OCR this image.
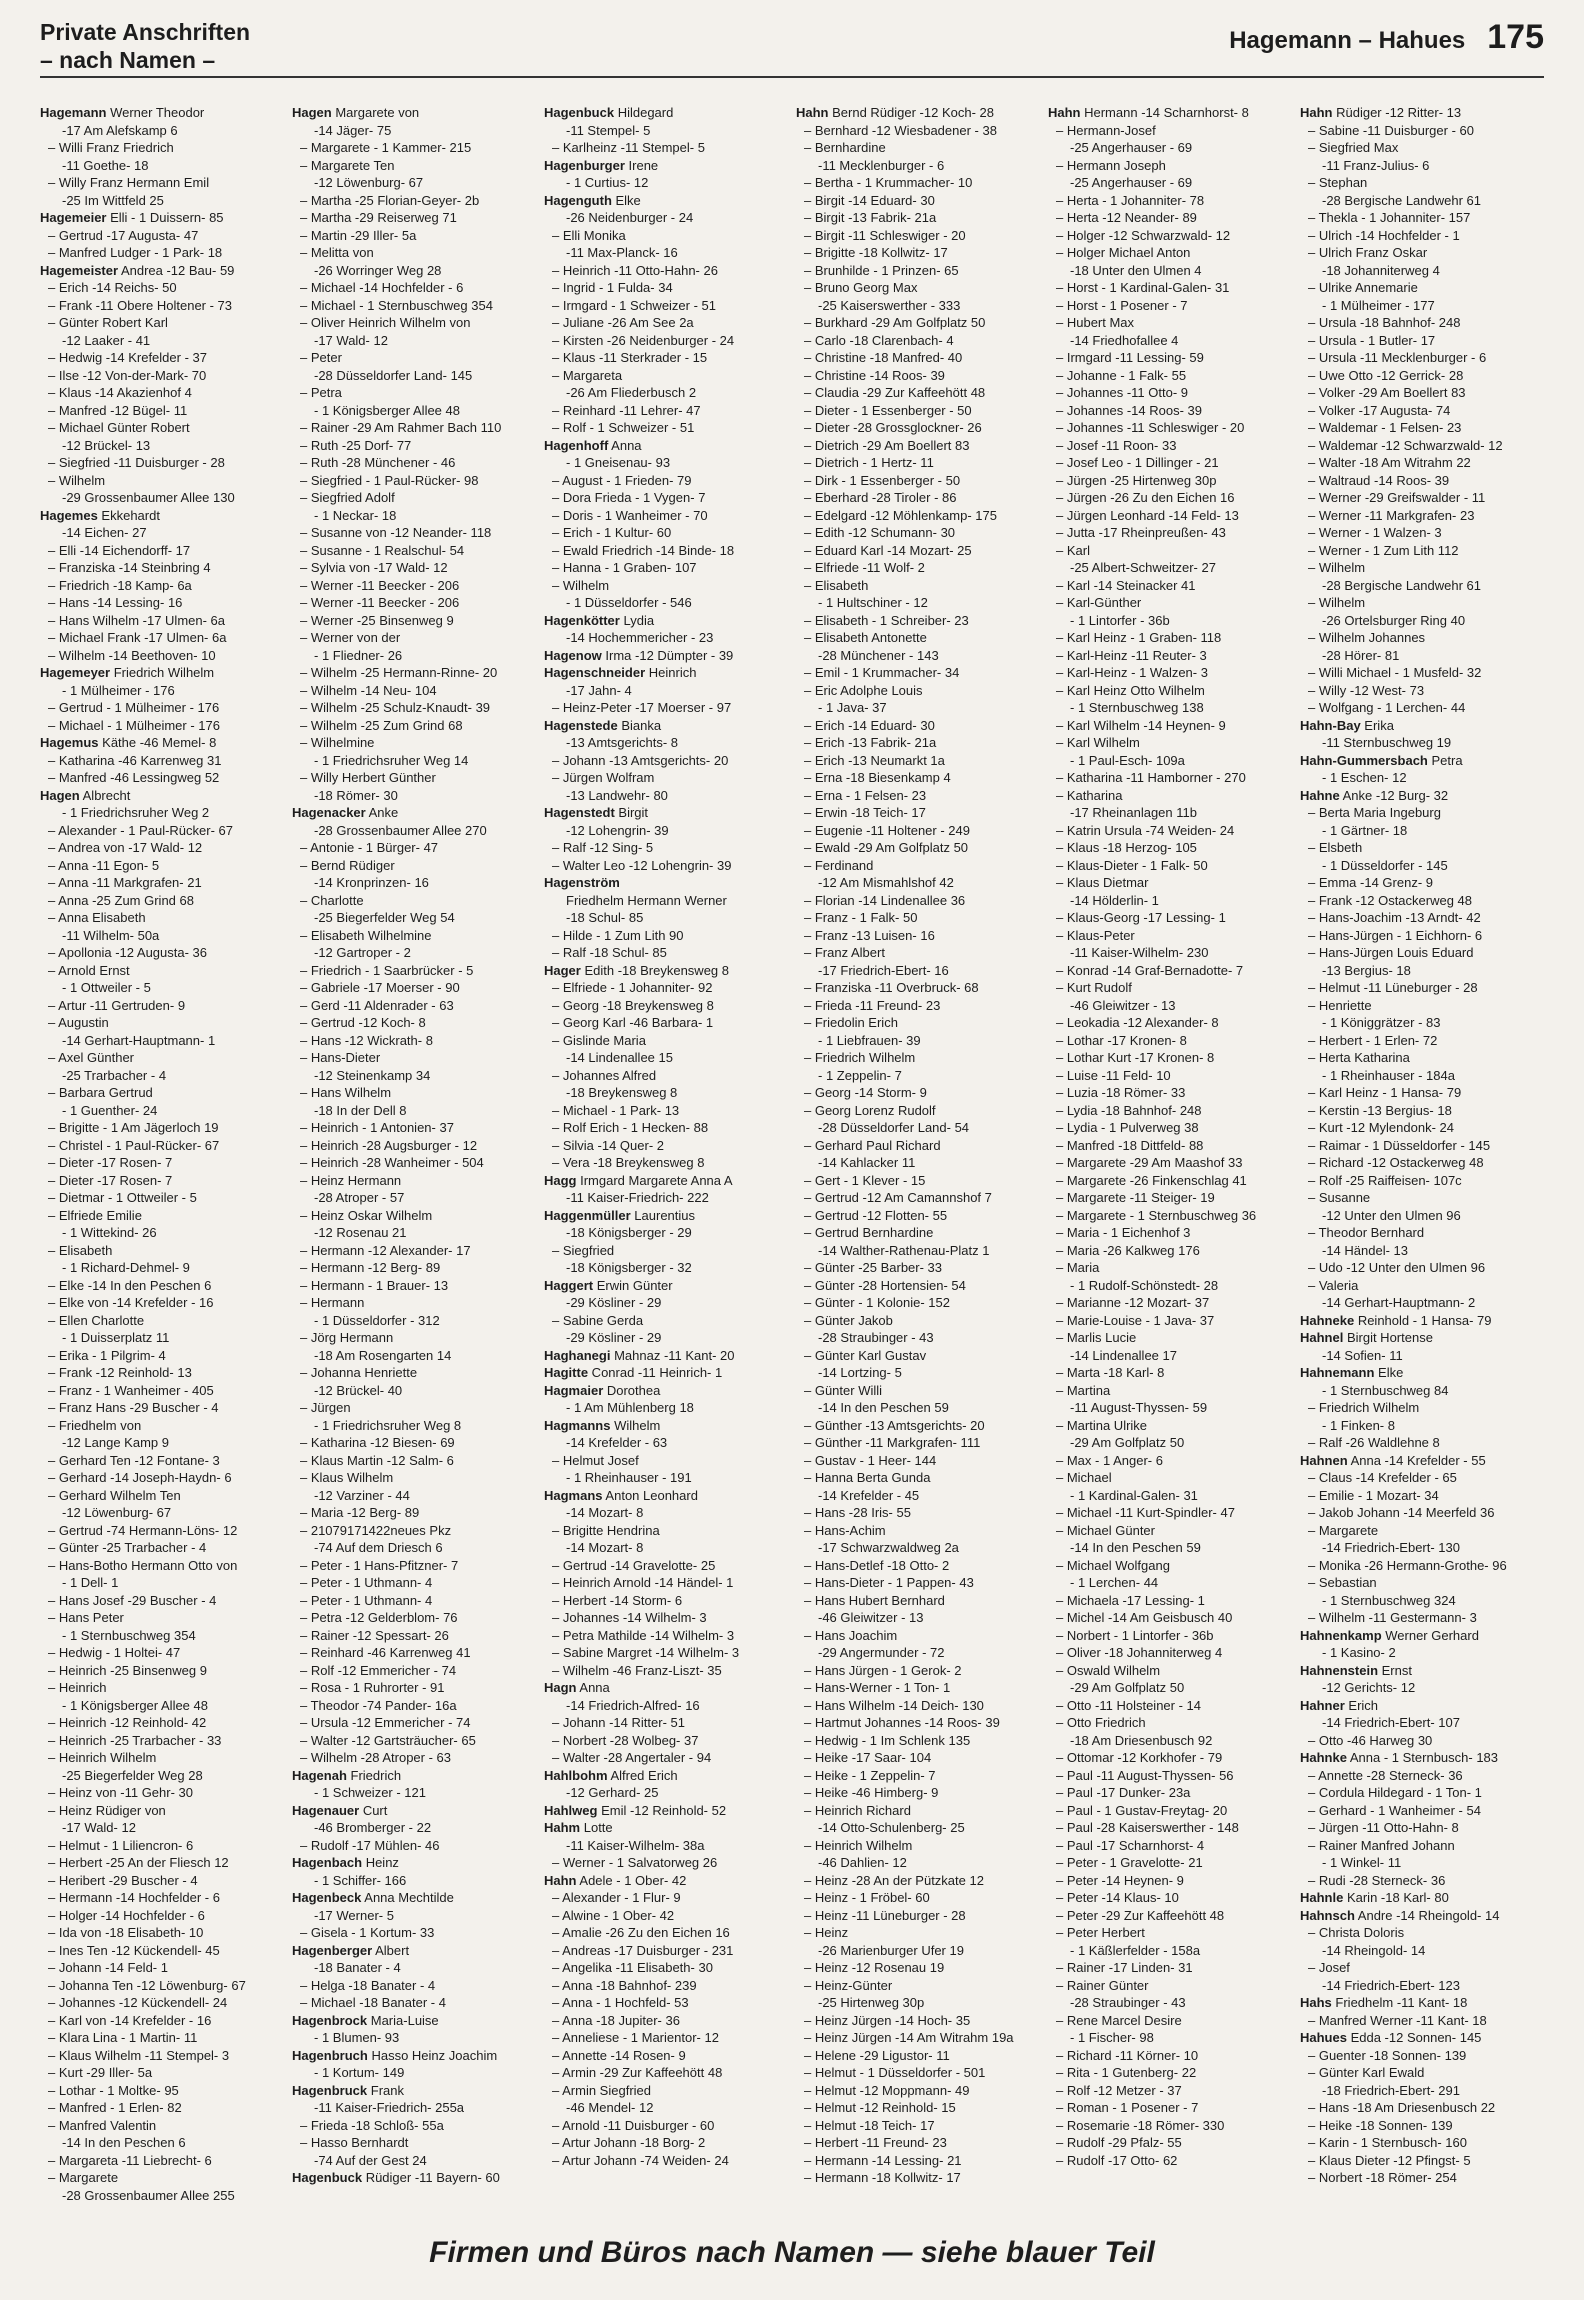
Private Anschriften
– nach Namen –
Hagemann – Hahues 175
Hagemann Werner Theodor
-17 Am Alefskamp 6
– Willi Franz Friedrich
-11 Goethe- 18
– Willy Franz Hermann Emil
-25 Im Wittfeld 25
Hagemeier Elli - 1 Duissern- 85
– Gertrud -17 Augusta- 47
– Manfred Ludger - 1 Park- 18
Hagemeister Andrea -12 Bau- 59
– Erich -14 Reichs- 50
– Frank -11 Obere Holtener - 73
– Günter Robert Karl
-12 Laaker - 41
– Hedwig -14 Krefelder - 37
– Ilse -12 Von-der-Mark- 70
– Klaus -14 Akazienhof 4
– Manfred -12 Bügel- 11
– Michael Günter Robert
-12 Brückel- 13
– Siegfried -11 Duisburger - 28
– Wilhelm
-29 Grossenbaumer Allee 130
Hagemes Ekkehardt
-14 Eichen- 27
– Elli -14 Eichendorff- 17
– Franziska -14 Steinbring 4
– Friedrich -18 Kamp- 6a
– Hans -14 Lessing- 16
– Hans Wilhelm -17 Ulmen- 6a
– Michael Frank -17 Ulmen- 6a
– Wilhelm -14 Beethoven- 10
Hagemeyer Friedrich Wilhelm
- 1 Mülheimer - 176
– Gertrud - 1 Mülheimer - 176
– Michael - 1 Mülheimer - 176
Hagemus Käthe -46 Memel- 8
– Katharina -46 Karrenweg 31
– Manfred -46 Lessingweg 52
Hagen Albrecht
- 1 Friedrichsruher Weg 2
– Alexander - 1 Paul-Rücker- 67
– Andrea von -17 Wald- 12
– Anna -11 Egon- 5
– Anna -11 Markgrafen- 21
– Anna -25 Zum Grind 68
– Anna Elisabeth
-11 Wilhelm- 50a
– Apollonia -12 Augusta- 36
– Arnold Ernst
- 1 Ottweiler - 5
– Artur -11 Gertruden- 9
– Augustin
-14 Gerhart-Hauptmann- 1
– Axel Günther
-25 Trarbacher - 4
– Barbara Gertrud
- 1 Guenther- 24
– Brigitte - 1 Am Jägerloch 19
– Christel - 1 Paul-Rücker- 67
– Dieter -17 Rosen- 7
– Dieter -17 Rosen- 7
– Dietmar - 1 Ottweiler - 5
– Elfriede Emilie
- 1 Wittekind- 26
– Elisabeth
- 1 Richard-Dehmel- 9
– Elke -14 In den Peschen 6
– Elke von -14 Krefelder - 16
– Ellen Charlotte
- 1 Duisserplatz 11
– Erika - 1 Pilgrim- 4
– Frank -12 Reinhold- 13
– Franz - 1 Wanheimer - 405
– Franz Hans -29 Buscher - 4
– Friedhelm von
-12 Lange Kamp 9
– Gerhard Ten -12 Fontane- 3
– Gerhard -14 Joseph-Haydn- 6
– Gerhard Wilhelm Ten
-12 Löwenburg- 67
– Gertrud -74 Hermann-Löns- 12
– Günter -25 Trarbacher - 4
– Hans-Botho Hermann Otto von
- 1 Dell- 1
– Hans Josef -29 Buscher - 4
– Hans Peter
- 1 Sternbuschweg 354
– Hedwig - 1 Holtei- 47
– Heinrich -25 Binsenweg 9
– Heinrich
- 1 Königsberger Allee 48
– Heinrich -12 Reinhold- 42
– Heinrich -25 Trarbacher - 33
– Heinrich Wilhelm
-25 Biegerfelder Weg 28
– Heinz von -11 Gehr- 30
– Heinz Rüdiger von
-17 Wald- 12
– Helmut - 1 Liliencron- 6
– Herbert -25 An der Fliesch 12
– Heribert -29 Buscher - 4
– Hermann -14 Hochfelder - 6
– Holger -14 Hochfelder - 6
– Ida von -18 Elisabeth- 10
– Ines Ten -12 Kückendell- 45
– Johann -14 Feld- 1
– Johanna Ten -12 Löwenburg- 67
– Johannes -12 Kückendell- 24
– Karl von -14 Krefelder - 16
– Klara Lina - 1 Martin- 11
– Klaus Wilhelm -11 Stempel- 3
– Kurt -29 Iller- 5a
– Lothar - 1 Moltke- 95
– Manfred - 1 Erlen- 82
– Manfred Valentin
-14 In den Peschen 6
– Margareta -11 Liebrecht- 6
– Margarete
-28 Grossenbaumer Allee 255
Hagen Margarete von
-14 Jäger- 75
– Margarete - 1 Kammer- 215
– Margarete Ten
-12 Löwenburg- 67
– Martha -25 Florian-Geyer- 2b
– Martha -29 Reiserweg 71
– Martin -29 Iller- 5a
– Melitta von
-26 Worringer Weg 28
– Michael -14 Hochfelder - 6
– Michael - 1 Sternbuschweg 354
– Oliver Heinrich Wilhelm von
-17 Wald- 12
– Peter
-28 Düsseldorfer Land- 145
– Petra
- 1 Königsberger Allee 48
– Rainer -29 Am Rahmer Bach 110
– Ruth -25 Dorf- 77
– Ruth -28 Münchener - 46
– Siegfried - 1 Paul-Rücker- 98
– Siegfried Adolf
- 1 Neckar- 18
– Susanne von -12 Neander- 118
– Susanne - 1 Realschul- 54
– Sylvia von -17 Wald- 12
– Werner -11 Beecker - 206
– Werner -11 Beecker - 206
– Werner -25 Binsenweg 9
– Werner von der
- 1 Fliedner- 26
– Wilhelm -25 Hermann-Rinne- 20
– Wilhelm -14 Neu- 104
– Wilhelm -25 Schulz-Knaudt- 39
– Wilhelm -25 Zum Grind 68
– Wilhelmine
- 1 Friedrichsruher Weg 14
– Willy Herbert Günther
-18 Römer- 30
Hagenacker Anke
-28 Grossenbaumer Allee 270
– Antonie - 1 Bürger- 47
– Bernd Rüdiger
-14 Kronprinzen- 16
– Charlotte
-25 Biegerfelder Weg 54
– Elisabeth Wilhelmine
-12 Gartroper - 2
– Friedrich - 1 Saarbrücker - 5
– Gabriele -17 Moerser - 90
– Gerd -11 Aldenrader - 63
– Gertrud -12 Koch- 8
– Hans -12 Wickrath- 8
– Hans-Dieter
-12 Steinenkamp 34
– Hans Wilhelm
-18 In der Dell 8
– Heinrich - 1 Antonien- 37
– Heinrich -28 Augsburger - 12
– Heinrich -28 Wanheimer - 504
– Heinz Hermann
-28 Atroper - 57
– Heinz Oskar Wilhelm
-12 Rosenau 21
– Hermann -12 Alexander- 17
– Hermann -12 Berg- 89
– Hermann - 1 Brauer- 13
– Hermann
- 1 Düsseldorfer - 312
– Jörg Hermann
-18 Am Rosengarten 14
– Johanna Henriette
-12 Brückel- 40
– Jürgen
- 1 Friedrichsruher Weg 8
– Katharina -12 Biesen- 69
– Klaus Martin -12 Salm- 6
– Klaus Wilhelm
-12 Varziner - 44
– Maria -12 Berg- 89
– 21079171422neues Pkz
-74 Auf dem Driesch 6
– Peter - 1 Hans-Pfitzner- 7
– Peter - 1 Uthmann- 4
– Peter - 1 Uthmann- 4
– Petra -12 Gelderblom- 76
– Rainer -12 Spessart- 26
– Reinhard -46 Karrenweg 41
– Rolf -12 Emmericher - 74
– Rosa - 1 Ruhrorter - 91
– Theodor -74 Pander- 16a
– Ursula -12 Emmericher - 74
– Walter -12 Gartsträucher- 65
– Wilhelm -28 Atroper - 63
Hagenah Friedrich
- 1 Schweizer - 121
Hagenauer Curt
-46 Bromberger - 22
– Rudolf -17 Mühlen- 46
Hagenbach Heinz
- 1 Schiffer- 166
Hagenbeck Anna Mechtilde
-17 Werner- 5
– Gisela - 1 Kortum- 33
Hagenberger Albert
-18 Banater - 4
– Helga -18 Banater - 4
– Michael -18 Banater - 4
Hagenbrock Maria-Luise
- 1 Blumen- 93
Hagenbruch Hasso Heinz Joachim
- 1 Kortum- 149
Hagenbruck Frank
-11 Kaiser-Friedrich- 255a
– Frieda -18 Schloß- 55a
– Hasso Bernhardt
-74 Auf der Gest 24
Hagenbuck Rüdiger -11 Bayern- 60
Hagenbuck Hildegard
-11 Stempel- 5
– Karlheinz -11 Stempel- 5
Hagenburger Irene
- 1 Curtius- 12
Hagenguth Elke
-26 Neidenburger - 24
– Elli Monika
-11 Max-Planck- 16
– Heinrich -11 Otto-Hahn- 26
– Ingrid - 1 Fulda- 34
– Irmgard - 1 Schweizer - 51
– Juliane -26 Am See 2a
– Kirsten -26 Neidenburger - 24
– Klaus -11 Sterkrader - 15
– Margareta
-26 Am Fliederbusch 2
– Reinhard -11 Lehrer- 47
– Rolf - 1 Schweizer - 51
Hagenhoff Anna
- 1 Gneisenau- 93
– August - 1 Frieden- 79
– Dora Frieda - 1 Vygen- 7
– Doris - 1 Wanheimer - 70
– Erich - 1 Kultur- 60
– Ewald Friedrich -14 Binde- 18
– Hanna - 1 Graben- 107
– Wilhelm
- 1 Düsseldorfer - 546
Hagenkötter Lydia
-14 Hochemmericher - 23
Hagenow Irma -12 Dümpter - 39
Hagenschneider Heinrich
-17 Jahn- 4
– Heinz-Peter -17 Moerser - 97
Hagenstede Bianka
-13 Amtsgerichts- 8
– Johann -13 Amtsgerichts- 20
– Jürgen Wolfram
-13 Landwehr- 80
Hagenstedt Birgit
-12 Lohengrin- 39
– Ralf -12 Sing- 5
– Walter Leo -12 Lohengrin- 39
Hagenström
Friedhelm Hermann Werner
-18 Schul- 85
– Hilde - 1 Zum Lith 90
– Ralf -18 Schul- 85
Hager Edith -18 Breykensweg 8
– Elfriede - 1 Johanniter- 92
– Georg -18 Breykensweg 8
– Georg Karl -46 Barbara- 1
– Gislinde Maria
-14 Lindenallee 15
– Johannes Alfred
-18 Breykensweg 8
– Michael - 1 Park- 13
– Rolf Erich - 1 Hecken- 88
– Silvia -14 Quer- 2
– Vera -18 Breykensweg 8
Hagg Irmgard Margarete Anna A
-11 Kaiser-Friedrich- 222
Haggenmüller Laurentius
-18 Königsberger - 29
– Siegfried
-18 Königsberger - 32
Haggert Erwin Günter
-29 Kösliner - 29
– Sabine Gerda
-29 Kösliner - 29
Haghanegi Mahnaz -11 Kant- 20
Hagitte Conrad -11 Heinrich- 1
Hagmaier Dorothea
- 1 Am Mühlenberg 18
Hagmanns Wilhelm
-14 Krefelder - 63
– Helmut Josef
- 1 Rheinhauser - 191
Hagmans Anton Leonhard
-14 Mozart- 8
– Brigitte Hendrina
-14 Mozart- 8
– Gertrud -14 Gravelotte- 25
– Heinrich Arnold -14 Händel- 1
– Herbert -14 Storm- 6
– Johannes -14 Wilhelm- 3
– Petra Mathilde -14 Wilhelm- 3
– Sabine Margret -14 Wilhelm- 3
– Wilhelm -46 Franz-Liszt- 35
Hagn Anna
-14 Friedrich-Alfred- 16
– Johann -14 Ritter- 51
– Norbert -28 Wolbeg- 37
– Walter -28 Angertaler - 94
Hahlbohm Alfred Erich
-12 Gerhard- 25
Hahlweg Emil -12 Reinhold- 52
Hahm Lotte
-11 Kaiser-Wilhelm- 38a
– Werner - 1 Salvatorweg 26
Hahn Adele - 1 Ober- 42
– Alexander - 1 Flur- 9
– Alwine - 1 Ober- 42
– Amalie -26 Zu den Eichen 16
– Andreas -17 Duisburger - 231
– Angelika -11 Elisabeth- 30
– Anna -18 Bahnhof- 239
– Anna - 1 Hochfeld- 53
– Anna -18 Jupiter- 36
– Anneliese - 1 Marientor- 12
– Annette -14 Rosen- 9
– Armin -29 Zur Kaffeehött 48
– Armin Siegfried
-46 Mendel- 12
– Arnold -11 Duisburger - 60
– Artur Johann -18 Borg- 2
– Artur Johann -74 Weiden- 24
Hahn Bernd Rüdiger -12 Koch- 28
– Bernhard -12 Wiesbadener - 38
– Bernhardine
-11 Mecklenburger - 6
– Bertha - 1 Krummacher- 10
– Birgit -14 Eduard- 30
– Birgit -13 Fabrik- 21a
– Birgit -11 Schleswiger - 20
– Brigitte -18 Kollwitz- 17
– Brunhilde - 1 Prinzen- 65
– Bruno Georg Max
-25 Kaiserswerther - 333
– Burkhard -29 Am Golfplatz 50
– Carlo -18 Clarenbach- 4
– Christine -18 Manfred- 40
– Christine -14 Roos- 39
– Claudia -29 Zur Kaffeehött 48
– Dieter - 1 Essenberger - 50
– Dieter -28 Grossglockner- 26
– Dietrich -29 Am Boellert 83
– Dietrich - 1 Hertz- 11
– Dirk - 1 Essenberger - 50
– Eberhard -28 Tiroler - 86
– Edelgard -12 Möhlenkamp- 175
– Edith -12 Schumann- 30
– Eduard Karl -14 Mozart- 25
– Elfriede -11 Wolf- 2
– Elisabeth
- 1 Hultschiner - 12
– Elisabeth - 1 Schreiber- 23
– Elisabeth Antonette
-28 Münchener - 143
– Emil - 1 Krummacher- 34
– Eric Adolphe Louis
- 1 Java- 37
– Erich -14 Eduard- 30
– Erich -13 Fabrik- 21a
– Erich -13 Neumarkt 1a
– Erna -18 Biesenkamp 4
– Erna - 1 Felsen- 23
– Erwin -18 Teich- 17
– Eugenie -11 Holtener - 249
– Ewald -29 Am Golfplatz 50
– Ferdinand
-12 Am Mismahlshof 42
– Florian -14 Lindenallee 36
– Franz - 1 Falk- 50
– Franz -13 Luisen- 16
– Franz Albert
-17 Friedrich-Ebert- 16
– Franziska -11 Overbruck- 68
– Frieda -11 Freund- 23
– Friedolin Erich
- 1 Liebfrauen- 39
– Friedrich Wilhelm
- 1 Zeppelin- 7
– Georg -14 Storm- 9
– Georg Lorenz Rudolf
-28 Düsseldorfer Land- 54
– Gerhard Paul Richard
-14 Kahlacker 11
– Gert - 1 Klever - 15
– Gertrud -12 Am Camannshof 7
– Gertrud -12 Flotten- 55
– Gertrud Bernhardine
-14 Walther-Rathenau-Platz 1
– Günter -25 Barber- 33
– Günter -28 Hortensien- 54
– Günter - 1 Kolonie- 152
– Günter Jakob
-28 Straubinger - 43
– Günter Karl Gustav
-14 Lortzing- 5
– Günter Willi
-14 In den Peschen 59
– Günther -13 Amtsgerichts- 20
– Günther -11 Markgrafen- 111
– Gustav - 1 Heer- 144
– Hanna Berta Gunda
-14 Krefelder - 45
– Hans -28 Iris- 55
– Hans-Achim
-17 Schwarzwaldweg 2a
– Hans-Detlef -18 Otto- 2
– Hans-Dieter - 1 Pappen- 43
– Hans Hubert Bernhard
-46 Gleiwitzer - 13
– Hans Joachim
-29 Angermunder - 72
– Hans Jürgen - 1 Gerok- 2
– Hans-Werner - 1 Ton- 1
– Hans Wilhelm -14 Deich- 130
– Hartmut Johannes -14 Roos- 39
– Hedwig - 1 Im Schlenk 135
– Heike -17 Saar- 104
– Heike - 1 Zeppelin- 7
– Heike -46 Himberg- 9
– Heinrich Richard
-14 Otto-Schulenberg- 25
– Heinrich Wilhelm
-46 Dahlien- 12
– Heinz -28 An der Pützkate 12
– Heinz - 1 Fröbel- 60
– Heinz -11 Lüneburger - 28
– Heinz
-26 Marienburger Ufer 19
– Heinz -12 Rosenau 19
– Heinz-Günter
-25 Hirtenweg 30p
– Heinz Jürgen -14 Hoch- 35
– Heinz Jürgen -14 Am Witrahm 19a
– Helene -29 Ligustor- 11
– Helmut - 1 Düsseldorfer - 501
– Helmut -12 Moppmann- 49
– Helmut -12 Reinhold- 15
– Helmut -18 Teich- 17
– Herbert -11 Freund- 23
– Hermann -14 Lessing- 21
– Hermann -18 Kollwitz- 17
Hahn Hermann -14 Scharnhorst- 8
– Hermann-Josef
-25 Angerhauser - 69
– Hermann Joseph
-25 Angerhauser - 69
– Herta - 1 Johanniter- 78
– Herta -12 Neander- 89
– Holger -12 Schwarzwald- 12
– Holger Michael Anton
-18 Unter den Ulmen 4
– Horst - 1 Kardinal-Galen- 31
– Horst - 1 Posener - 7
– Hubert Max
-14 Friedhofallee 4
– Irmgard -11 Lessing- 59
– Johanne - 1 Falk- 55
– Johannes -11 Otto- 9
– Johannes -14 Roos- 39
– Johannes -11 Schleswiger - 20
– Josef -11 Roon- 33
– Josef Leo - 1 Dillinger - 21
– Jürgen -25 Hirtenweg 30p
– Jürgen -26 Zu den Eichen 16
– Jürgen Leonhard -14 Feld- 13
– Jutta -17 Rheinpreußen- 43
– Karl
-25 Albert-Schweitzer- 27
– Karl -14 Steinacker 41
– Karl-Günther
- 1 Lintorfer - 36b
– Karl Heinz - 1 Graben- 118
– Karl-Heinz -11 Reuter- 3
– Karl-Heinz - 1 Walzen- 3
– Karl Heinz Otto Wilhelm
- 1 Sternbuschweg 138
– Karl Wilhelm -14 Heynen- 9
– Karl Wilhelm
- 1 Paul-Esch- 109a
– Katharina -11 Hamborner - 270
– Katharina
-17 Rheinanlagen 11b
– Katrin Ursula -74 Weiden- 24
– Klaus -18 Herzog- 105
– Klaus-Dieter - 1 Falk- 50
– Klaus Dietmar
-14 Hölderlin- 1
– Klaus-Georg -17 Lessing- 1
– Klaus-Peter
-11 Kaiser-Wilhelm- 230
– Konrad -14 Graf-Bernadotte- 7
– Kurt Rudolf
-46 Gleiwitzer - 13
– Leokadia -12 Alexander- 8
– Lothar -17 Kronen- 8
– Lothar Kurt -17 Kronen- 8
– Luise -11 Feld- 10
– Luzia -18 Römer- 33
– Lydia -18 Bahnhof- 248
– Lydia - 1 Pulverweg 38
– Manfred -18 Dittfeld- 88
– Margarete -29 Am Maashof 33
– Margarete -26 Finkenschlag 41
– Margarete -11 Steiger- 19
– Margarete - 1 Sternbuschweg 36
– Maria - 1 Eichenhof 3
– Maria -26 Kalkweg 176
– Maria
- 1 Rudolf-Schönstedt- 28
– Marianne -12 Mozart- 37
– Marie-Louise - 1 Java- 37
– Marlis Lucie
-14 Lindenallee 17
– Marta -18 Karl- 8
– Martina
-11 August-Thyssen- 59
– Martina Ulrike
-29 Am Golfplatz 50
– Max - 1 Anger- 6
– Michael
- 1 Kardinal-Galen- 31
– Michael -11 Kurt-Spindler- 47
– Michael Günter
-14 In den Peschen 59
– Michael Wolfgang
- 1 Lerchen- 44
– Michaela -17 Lessing- 1
– Michel -14 Am Geisbusch 40
– Norbert - 1 Lintorfer - 36b
– Oliver -18 Johanniterweg 4
– Oswald Wilhelm
-29 Am Golfplatz 50
– Otto -11 Holsteiner - 14
– Otto Friedrich
-18 Am Driesenbusch 92
– Ottomar -12 Korkhofer - 79
– Paul -11 August-Thyssen- 56
– Paul -17 Dunker- 23a
– Paul - 1 Gustav-Freytag- 20
– Paul -28 Kaiserswerther - 148
– Paul -17 Scharnhorst- 4
– Peter - 1 Gravelotte- 21
– Peter -14 Heynen- 9
– Peter -14 Klaus- 10
– Peter -29 Zur Kaffeehött 48
– Peter Herbert
- 1 Käßlerfelder - 158a
– Rainer -17 Linden- 31
– Rainer Günter
-28 Straubinger - 43
– Rene Marcel Desire
- 1 Fischer- 98
– Richard -11 Körner- 10
– Rita - 1 Gutenberg- 22
– Rolf -12 Metzer - 37
– Roman - 1 Posener - 7
– Rosemarie -18 Römer- 330
– Rudolf -29 Pfalz- 55
– Rudolf -17 Otto- 62
Hahn Rüdiger -12 Ritter- 13
– Sabine -11 Duisburger - 60
– Siegfried Max
-11 Franz-Julius- 6
– Stephan
-28 Bergische Landwehr 61
– Thekla - 1 Johanniter- 157
– Ulrich -14 Hochfelder - 1
– Ulrich Franz Oskar
-18 Johanniterweg 4
– Ulrike Annemarie
- 1 Mülheimer - 177
– Ursula -18 Bahnhof- 248
– Ursula - 1 Butler- 17
– Ursula -11 Mecklenburger - 6
– Uwe Otto -12 Gerrick- 28
– Volker -29 Am Boellert 83
– Volker -17 Augusta- 74
– Waldemar - 1 Felsen- 23
– Waldemar -12 Schwarzwald- 12
– Walter -18 Am Witrahm 22
– Waltraud -14 Roos- 39
– Werner -29 Greifswalder - 11
– Werner -11 Markgrafen- 23
– Werner - 1 Walzen- 3
– Werner - 1 Zum Lith 112
– Wilhelm
-28 Bergische Landwehr 61
– Wilhelm
-26 Ortelsburger Ring 40
– Wilhelm Johannes
-28 Hörer- 81
– Willi Michael - 1 Musfeld- 32
– Willy -12 West- 73
– Wolfgang - 1 Lerchen- 44
Hahn-Bay Erika
-11 Sternbuschweg 19
Hahn-Gummersbach Petra
- 1 Eschen- 12
Hahne Anke -12 Burg- 32
– Berta Maria Ingeburg
- 1 Gärtner- 18
– Elsbeth
- 1 Düsseldorfer - 145
– Emma -14 Grenz- 9
– Frank -12 Ostackerweg 48
– Hans-Joachim -13 Arndt- 42
– Hans-Jürgen - 1 Eichhorn- 6
– Hans-Jürgen Louis Eduard
-13 Bergius- 18
– Helmut -11 Lüneburger - 28
– Henriette
- 1 Königgrätzer - 83
– Herbert - 1 Erlen- 72
– Herta Katharina
- 1 Rheinhauser - 184a
– Karl Heinz - 1 Hansa- 79
– Kerstin -13 Bergius- 18
– Kurt -12 Mylendonk- 24
– Raimar - 1 Düsseldorfer - 145
– Richard -12 Ostackerweg 48
– Rolf -25 Raiffeisen- 107c
– Susanne
-12 Unter den Ulmen 96
– Theodor Bernhard
-14 Händel- 13
– Udo -12 Unter den Ulmen 96
– Valeria
-14 Gerhart-Hauptmann- 2
Hahneke Reinhold - 1 Hansa- 79
Hahnel Birgit Hortense
-14 Sofien- 11
Hahnemann Elke
- 1 Sternbuschweg 84
– Friedrich Wilhelm
- 1 Finken- 8
– Ralf -26 Waldlehne 8
Hahnen Anna -14 Krefelder - 55
– Claus -14 Krefelder - 65
– Emilie - 1 Mozart- 34
– Jakob Johann -14 Meerfeld 36
– Margarete
-14 Friedrich-Ebert- 130
– Monika -26 Hermann-Grothe- 96
– Sebastian
- 1 Sternbuschweg 324
– Wilhelm -11 Gestermann- 3
Hahnenkamp Werner Gerhard
- 1 Kasino- 2
Hahnenstein Ernst
-12 Gerichts- 12
Hahner Erich
-14 Friedrich-Ebert- 107
– Otto -46 Harweg 30
Hahnke Anna - 1 Sternbusch- 183
– Annette -28 Sterneck- 36
– Cordula Hildegard - 1 Ton- 1
– Gerhard - 1 Wanheimer - 54
– Jürgen -11 Otto-Hahn- 8
– Rainer Manfred Johann
- 1 Winkel- 11
– Rudi -28 Sterneck- 36
Hahnle Karin -18 Karl- 80
Hahnsch Andre -14 Rheingold- 14
– Christa Doloris
-14 Rheingold- 14
– Josef
-14 Friedrich-Ebert- 123
Hahs Friedhelm -11 Kant- 18
– Manfred Werner -11 Kant- 18
Hahues Edda -12 Sonnen- 145
– Guenter -18 Sonnen- 139
– Günter Karl Ewald
-18 Friedrich-Ebert- 291
– Hans -18 Am Driesenbusch 22
– Heike -18 Sonnen- 139
– Karin - 1 Sternbusch- 160
– Klaus Dieter -12 Pfingst- 5
– Norbert -18 Römer- 254
Firmen und Büros nach Namen — siehe blauer Teil
